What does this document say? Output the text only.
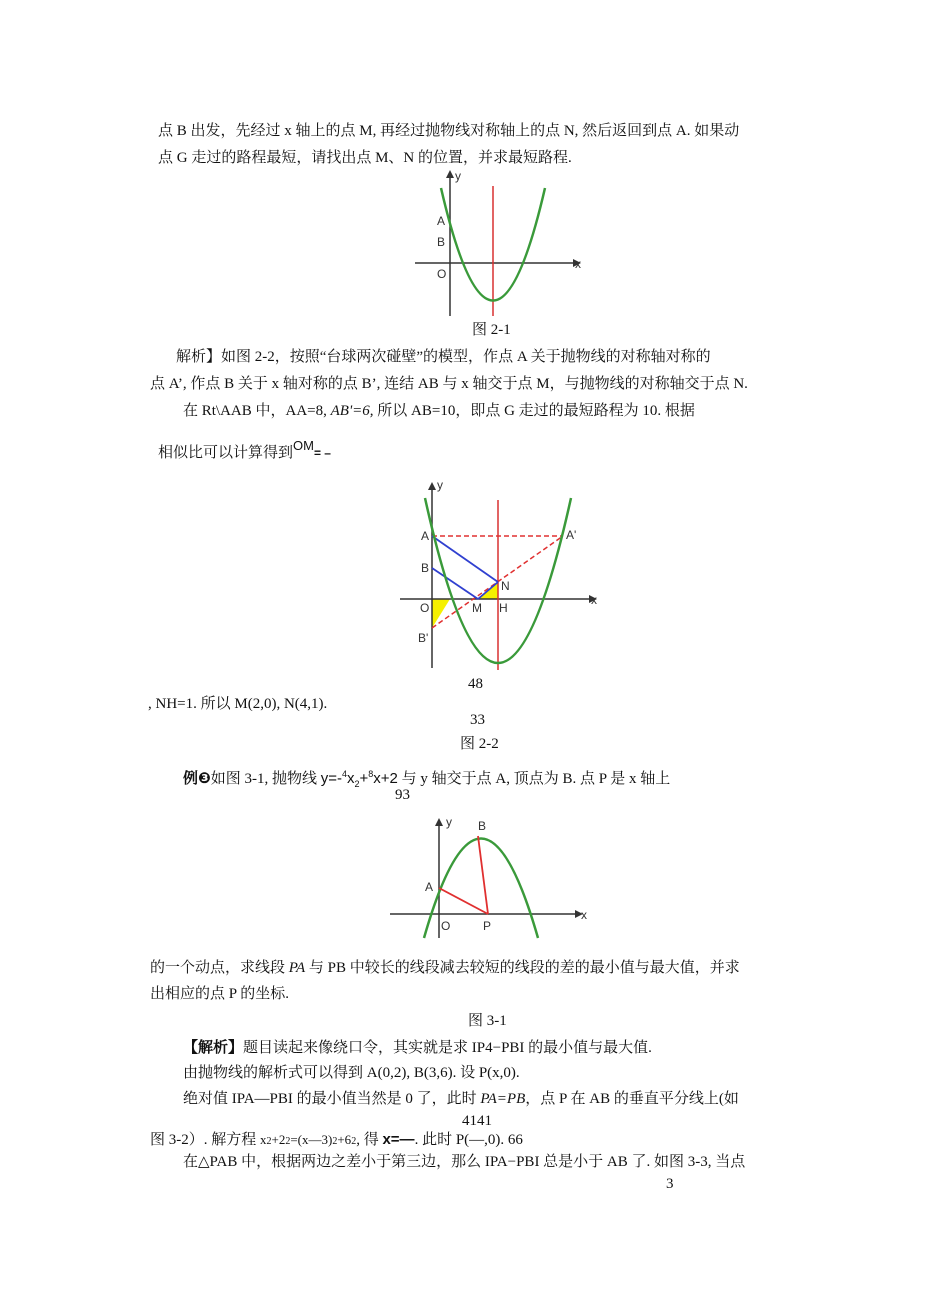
点 B 出发，先经过 x 轴上的点 M, 再经过抛物线对称轴上的点 N, 然后返回到点 A. 如果动
点 G 走过的路程最短，请找出点 M、N 的位置，并求最短路程.
y
x
A
B
O
图 2-1
解析】如图 2-2，按照“台球两次碰壁”的模型，作点 A 关于抛物线的对称轴对称的
点 A’, 作点 B 关于 x 轴对称的点 B’, 连结 AB 与 x 轴交于点 M，与抛物线的对称轴交于点 N.
在 Rt\AAB 中，AA=8, AB'=6, 所以 AB=10，即点 G 走过的最短路程为 10. 根据
相似比可以计算得到OM= –
y
x
A	A'
B
B'
O	M H
N
48
, NH=1. 所以 M(2,0), N(4,1).
33
图 2-2
例❸如图 3-1, 抛物线 $y=-^4x_2+^8x+2$ 与 y 轴交于点 A, 顶点为 B. 点 P 是 x 轴上
93
y
x
A
B
O	P
的一个动点，求线段 PA 与 PB 中较长的线段减去较短的线段的差的最小值与最大值，并求
出相应的点 P 的坐标.
图 3-1
【解析】题目读起来像绕口令，其实就是求 IP4−PBI 的最小值与最大值.
由抛物线的解析式可以得到 A(0,2), B(3,6). 设 P(x,0).
绝对值 IPA—PBI 的最小值当然是 0 了，此时 PA=PB，点 P 在 AB 的垂直平分线上(如
4141
图 3-2）. 解方程 x2+22=(x—3)2+62, 得 x=—. 此时 P(—,0). 66
在△PAB 中，根据两边之差小于第三边，那么 IPA−PBI 总是小于 AB 了. 如图 3-3, 当点
3
